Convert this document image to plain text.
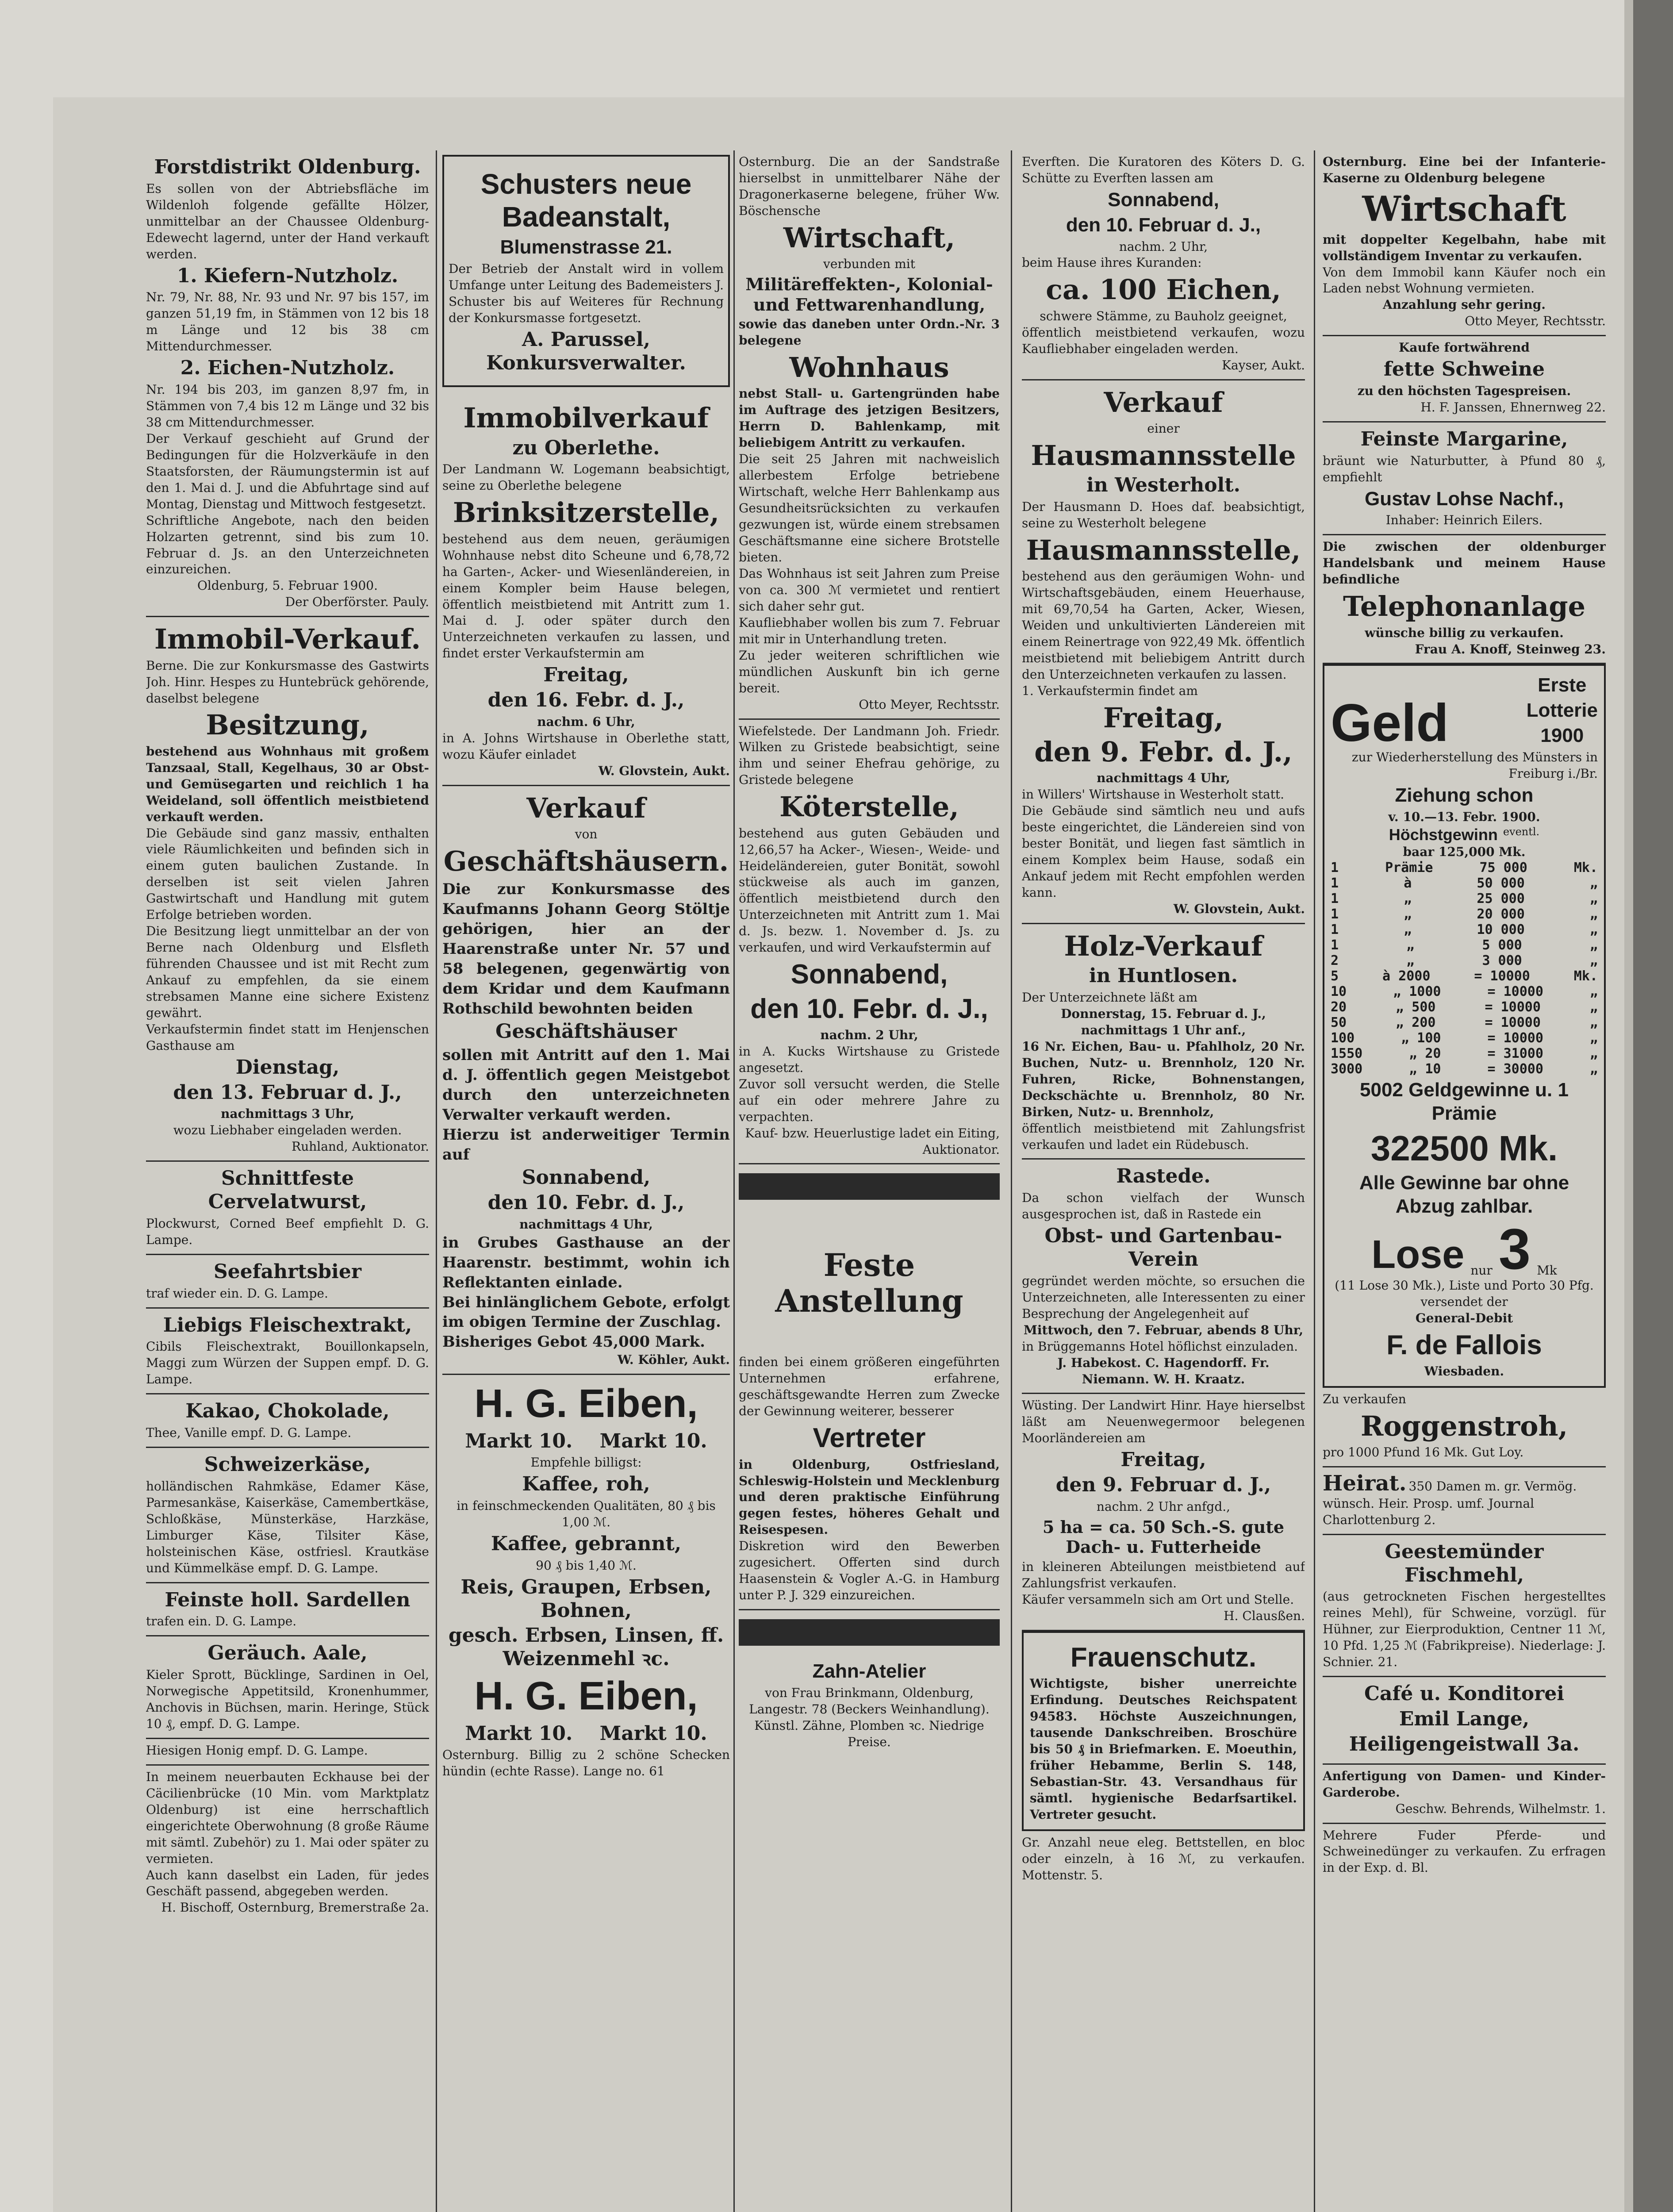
Forstdistrikt Oldenburg.

Es sollen von der Abtriebsfläche im Wildenloh folgende gefällte Hölzer, unmittelbar an der Chaussee Oldenburg-Edewecht lagernd, unter der Hand verkauft werden.

1. Kiefern-Nutzholz.

Nr. 79, Nr. 88, Nr. 93 und Nr. 97 bis 157, im ganzen 51,19 fm, in Stämmen von 12 bis 18 m Länge und 12 bis 38 cm Mittendurchmesser.

2. Eichen-Nutzholz.

Nr. 194 bis 203, im ganzen 8,97 fm, in Stämmen von 7,4 bis 12 m Länge und 32 bis 38 cm Mittendurchmesser.

Der Verkauf geschieht auf Grund der Bedingungen für die Holzverkäufe in den Staatsforsten, der Räumungstermin ist auf den 1. Mai d. J. und die Abfuhrtage sind auf Montag, Dienstag und Mittwoch festgesetzt.

Schriftliche Angebote, nach den beiden Holzarten getrennt, sind bis zum 10. Februar d. Js. an den Unterzeichneten einzureichen.

Oldenburg, 5. Februar 1900.

Der Oberförster. Pauly.

Immobil-Verkauf.

Berne. Die zur Konkursmasse des Gastwirts Joh. Hinr. Hespes zu Huntebrück gehörende, daselbst belegene

Besitzung,

bestehend aus Wohnhaus mit großem Tanzsaal, Stall, Kegelhaus, 30 ar Obst- und Gemüsegarten und reichlich 1 ha Weideland, soll öffentlich meistbietend verkauft werden.

Die Gebäude sind ganz massiv, enthalten viele Räumlichkeiten und befinden sich in einem guten baulichen Zustande. In derselben ist seit vielen Jahren Gastwirtschaft und Handlung mit gutem Erfolge betrieben worden.

Die Besitzung liegt unmittelbar an der von Berne nach Oldenburg und Elsfleth führenden Chaussee und ist mit Recht zum Ankauf zu empfehlen, da sie einem strebsamen Manne eine sichere Existenz gewährt.

Verkaufstermin findet statt im Henjenschen Gasthause am

Dienstag,
den 13. Februar d. J.,

nachmittags 3 Uhr,

wozu Liebhaber eingeladen werden.

Ruhland, Auktionator.

Schnittfeste Cervelatwurst,

Plockwurst, Corned Beef empfiehlt D. G. Lampe.

Seefahrtsbier

traf wieder ein. D. G. Lampe.

Liebigs Fleischextrakt,

Cibils Fleischextrakt, Bouillonkapseln, Maggi zum Würzen der Suppen empf. D. G. Lampe.

Kakao, Chokolade,

Thee, Vanille empf. D. G. Lampe.

Schweizerkäse,

holländischen Rahmkäse, Edamer Käse, Parmesankäse, Kaiserkäse, Camembertkäse, Schloßkäse, Münsterkäse, Harzkäse, Limburger Käse, Tilsiter Käse, holsteinischen Käse, ostfriesl. Krautkäse und Kümmelkäse empf. D. G. Lampe.

Feinste holl. Sardellen

trafen ein. D. G. Lampe.

Geräuch. Aale,

Kieler Sprott, Bücklinge, Sardinen in Oel, Norwegische Appetitsild, Kronenhummer, Anchovis in Büchsen, marin. Heringe, Stück 10 ₰, empf. D. G. Lampe.

Hiesigen Honig empf. D. G. Lampe.

In meinem neuerbauten Eckhause bei der Cäcilienbrücke (10 Min. vom Marktplatz Oldenburg) ist eine herrschaftlich eingerichtete Oberwohnung (8 große Räume mit sämtl. Zubehör) zu 1. Mai oder später zu vermieten.

Auch kann daselbst ein Laden, für jedes Geschäft passend, abgegeben werden.

H. Bischoff, Osternburg, Bremerstraße 2a.

Schusters neue Badeanstalt,
Blumenstrasse 21.

Der Betrieb der Anstalt wird in vollem Umfange unter Leitung des Bademeisters J. Schuster bis auf Weiteres für Rechnung der Konkursmasse fortgesetzt.

A. Parussel, Konkursverwalter.
Immobilverkauf
zu Oberlethe.

Der Landmann W. Logemann beabsichtigt, seine zu Oberlethe belegene

Brinksitzerstelle,

bestehend aus dem neuen, geräumigen Wohnhause nebst dito Scheune und 6,78,72 ha Garten-, Acker- und Wiesenländereien, in einem Kompler beim Hause belegen, öffentlich meistbietend mit Antritt zum 1. Mai d. J. oder später durch den Unterzeichneten verkaufen zu lassen, und findet erster Verkaufstermin am

Freitag,
den 16. Febr. d. J.,

nachm. 6 Uhr,

in A. Johns Wirtshause in Oberlethe statt, wozu Käufer einladet

W. Glovstein, Aukt.

Verkauf

von

Geschäftshäusern.

Die zur Konkursmasse des Kaufmanns Johann Georg Stöltje gehörigen, hier an der Haarenstraße unter Nr. 57 und 58 belegenen, gegenwärtig von dem Kridar und dem Kaufmann Rothschild bewohnten beiden

Geschäftshäuser

sollen mit Antritt auf den 1. Mai d. J. öffentlich gegen Meistgebot durch den unterzeichneten Verwalter verkauft werden.

Hierzu ist anderweitiger Termin auf

Sonnabend,
den 10. Febr. d. J.,

nachmittags 4 Uhr,

in Grubes Gasthause an der Haarenstr. bestimmt, wohin ich Reflektanten einlade.

Bei hinlänglichem Gebote, erfolgt im obigen Termine der Zuschlag.

Bisheriges Gebot 45,000 Mark.

W. Köhler, Aukt.

H. G. Eiben,
Markt 10.    Markt 10.

Empfehle billigst:

Kaffee, roh,

in feinschmeckenden Qualitäten, 80 ₰ bis 1,00 ℳ.

Kaffee, gebrannt,

90 ₰ bis 1,40 ℳ.

Reis, Graupen, Erbsen, Bohnen,
gesch. Erbsen, Linsen, ff. Weizenmehl ꝛc.
H. G. Eiben,
Markt 10.    Markt 10.

Osternburg. Billig zu 2 schöne Schecken hündin (echte Rasse). Lange no. 61

Osternburg. Die an der Sandstraße hierselbst in unmittelbarer Nähe der Dragonerkaserne belegene, früher Ww. Böschensche

Wirtschaft,

verbunden mit

Militäreffekten-, Kolonial- und Fettwarenhandlung,

sowie das daneben unter Ordn.-Nr. 3 belegene

Wohnhaus

nebst Stall- u. Gartengründen habe im Auftrage des jetzigen Besitzers, Herrn D. Bahlenkamp, mit beliebigem Antritt zu verkaufen.

Die seit 25 Jahren mit nachweislich allerbestem Erfolge betriebene Wirtschaft, welche Herr Bahlenkamp aus Gesundheitsrücksichten zu verkaufen gezwungen ist, würde einem strebsamen Geschäftsmanne eine sichere Brotstelle bieten.

Das Wohnhaus ist seit Jahren zum Preise von ca. 300 ℳ vermietet und rentiert sich daher sehr gut.

Kaufliebhaber wollen bis zum 7. Februar mit mir in Unterhandlung treten.

Zu jeder weiteren schriftlichen wie mündlichen Auskunft bin ich gerne bereit.

Otto Meyer, Rechtsstr.

Wiefelstede. Der Landmann Joh. Friedr. Wilken zu Gristede beabsichtigt, seine ihm und seiner Ehefrau gehörige, zu Gristede belegene

Köterstelle,

bestehend aus guten Gebäuden und 12,66,57 ha Acker-, Wiesen-, Weide- und Heideländereien, guter Bonität, sowohl stückweise als auch im ganzen, öffentlich meistbietend durch den Unterzeichneten mit Antritt zum 1. Mai d. Js. bezw. 1. November d. Js. zu verkaufen, und wird Verkaufstermin auf

Sonnabend,
den 10. Febr. d. J.,

nachm. 2 Uhr,

in A. Kucks Wirtshause zu Gristede angesetzt.

Zuvor soll versucht werden, die Stelle auf ein oder mehrere Jahre zu verpachten.

Kauf- bzw. Heuerlustige ladet ein Eiting, Auktionator.

Feste Anstellung

finden bei einem größeren eingeführten Unternehmen erfahrene, geschäftsgewandte Herren zum Zwecke der Gewinnung weiterer, besserer

Vertreter

in Oldenburg, Ostfriesland, Schleswig-Holstein und Mecklenburg und deren praktische Einführung gegen festes, höheres Gehalt und Reisespesen.

Diskretion wird den Bewerben zugesichert. Offerten sind durch Haasenstein & Vogler A.-G. in Hamburg unter P. J. 329 einzureichen.

Zahn-Atelier

von Frau Brinkmann, Oldenburg, Langestr. 78 (Beckers Weinhandlung). Künstl. Zähne, Plomben ꝛc. Niedrige Preise.

Everften. Die Kuratoren des Köters D. G. Schütte zu Everften lassen am

Sonnabend,
den 10. Februar d. J.,

nachm. 2 Uhr,

beim Hause ihres Kuranden:

ca. 100 Eichen,

schwere Stämme, zu Bauholz geeignet,

öffentlich meistbietend verkaufen, wozu Kaufliebhaber eingeladen werden.

Kayser, Aukt.

Verkauf

einer

Hausmannsstelle
in Westerholt.

Der Hausmann D. Hoes daf. beabsichtigt, seine zu Westerholt belegene

Hausmannsstelle,

bestehend aus den geräumigen Wohn- und Wirtschaftsgebäuden, einem Heuerhause, mit 69,70,54 ha Garten, Acker, Wiesen, Weiden und unkultivierten Ländereien mit einem Reinertrage von 922,49 Mk. öffentlich meistbietend mit beliebigem Antritt durch den Unterzeichneten verkaufen zu lassen.

1. Verkaufstermin findet am

Freitag,
den 9. Febr. d. J.,

nachmittags 4 Uhr,

in Willers' Wirtshause in Westerholt statt.

Die Gebäude sind sämtlich neu und aufs beste eingerichtet, die Ländereien sind von bester Bonität, und liegen fast sämtlich in einem Komplex beim Hause, sodaß ein Ankauf jedem mit Recht empfohlen werden kann.

W. Glovstein, Aukt.

Holz-Verkauf
in Huntlosen.

Der Unterzeichnete läßt am

Donnerstag, 15. Februar d. J.,

nachmittags 1 Uhr anf.,

16 Nr. Eichen, Bau- u. Pfahlholz, 20 Nr. Buchen, Nutz- u. Brennholz, 120 Nr. Fuhren, Ricke, Bohnenstangen, Deckschächte u. Brennholz, 80 Nr. Birken, Nutz- u. Brennholz,

öffentlich meistbietend mit Zahlungsfrist verkaufen und ladet ein Rüdebusch.

Rastede.

Da schon vielfach der Wunsch ausgesprochen ist, daß in Rastede ein

Obst- und Gartenbau-Verein

gegründet werden möchte, so ersuchen die Unterzeichneten, alle Interessenten zu einer Besprechung der Angelegenheit auf

Mittwoch, den 7. Februar, abends 8 Uhr,

in Brüggemanns Hotel höflichst einzuladen.

J. Habekost. C. Hagendorff. Fr. Niemann. W. H. Kraatz.

Wüsting. Der Landwirt Hinr. Haye hierselbst läßt am Neuenwegermoor belegenen Moorländereien am

Freitag,
den 9. Februar d. J.,

nachm. 2 Uhr anfgd.,

5 ha = ca. 50 Sch.-S. gute Dach- u. Futterheide

in kleineren Abteilungen meistbietend auf Zahlungsfrist verkaufen.

Käufer versammeln sich am Ort und Stelle.

H. Clausßen.

Frauenschutz.

Wichtigste, bisher unerreichte Erfindung. Deutsches Reichspatent 94583. Höchste Auszeichnungen, tausende Dankschreiben. Broschüre bis 50 ₰ in Briefmarken. E. Moeuthin, früher Hebamme, Berlin S. 148, Sebastian-Str. 43. Versandhaus für sämtl. hygienische Bedarfsartikel. Vertreter gesucht.

Gr. Anzahl neue eleg. Bettstellen, en bloc oder einzeln, à 16 ℳ, zu verkaufen. Mottenstr. 5.

Osternburg. Eine bei der Infanterie-Kaserne zu Oldenburg belegene

Wirtschaft

mit doppelter Kegelbahn, habe mit vollständigem Inventar zu verkaufen.

Von dem Immobil kann Käufer noch ein Laden nebst Wohnung vermieten.

Anzahlung sehr gering.

Otto Meyer, Rechtsstr.

Kaufe fortwährend

fette Schweine

zu den höchsten Tagespreisen.

H. F. Janssen, Ehnernweg 22.

Feinste Margarine,

bräunt wie Naturbutter, à Pfund 80 ₰, empfiehlt

Gustav Lohse Nachf.,

Inhaber: Heinrich Eilers.

Die zwischen der oldenburger Handelsbank und meinem Hause befindliche

Telephonanlage

wünsche billig zu verkaufen.

Frau A. Knoff, Steinweg 23.

Geld
Erste
Lotterie
1900

zur Wiederherstellung des Münsters in Freiburg i./Br.

Ziehung schon

v. 10.—13. Febr. 1900.

Höchstgewinn eventl.

baar 125,000 Mk.

1	Prämie	75 000	Mk.
1	à	50 000	„
1	„	25 000	„
1	„	20 000	„
1	„	10 000	„
1	„	5 000	„
2	„	3 000	„
5	à 2000	= 10000	Mk.
10	„ 1000	= 10000	„
20	„ 500	= 10000	„
50	„ 200	= 10000	„
100	„ 100	= 10000	„
1550	„ 20	= 31000	„
3000	„ 10	= 30000	„
5002 Geldgewinne u. 1 Prämie
322500 Mk.
Alle Gewinne bar ohne Abzug zahlbar.
Lose nur 3 Mk

(11 Lose 30 Mk.), Liste und Porto 30 Pfg. versendet der

General-Debit

F. de Fallois

Wiesbaden.

Zu verkaufen

Roggenstroh,

pro 1000 Pfund 16 Mk. Gut Loy.

Heirat. 350 Damen m. gr. Vermög. wünsch. Heir. Prosp. umf. Journal Charlottenburg 2.
Geestemünder Fischmehl,

(aus getrockneten Fischen hergestelltes reines Mehl), für Schweine, vorzügl. für Hühner, zur Eierproduktion, Centner 11 ℳ, 10 Pfd. 1,25 ℳ (Fabrikpreise). Niederlage: J. Schnier. 21.

Café u. Konditorei
Emil Lange,
Heiligengeistwall 3a.

Anfertigung von Damen- und Kinder-Garderobe.

Geschw. Behrends, Wilhelmstr. 1.

Mehrere Fuder Pferde- und Schweinedünger zu verkaufen. Zu erfragen in der Exp. d. Bl.
